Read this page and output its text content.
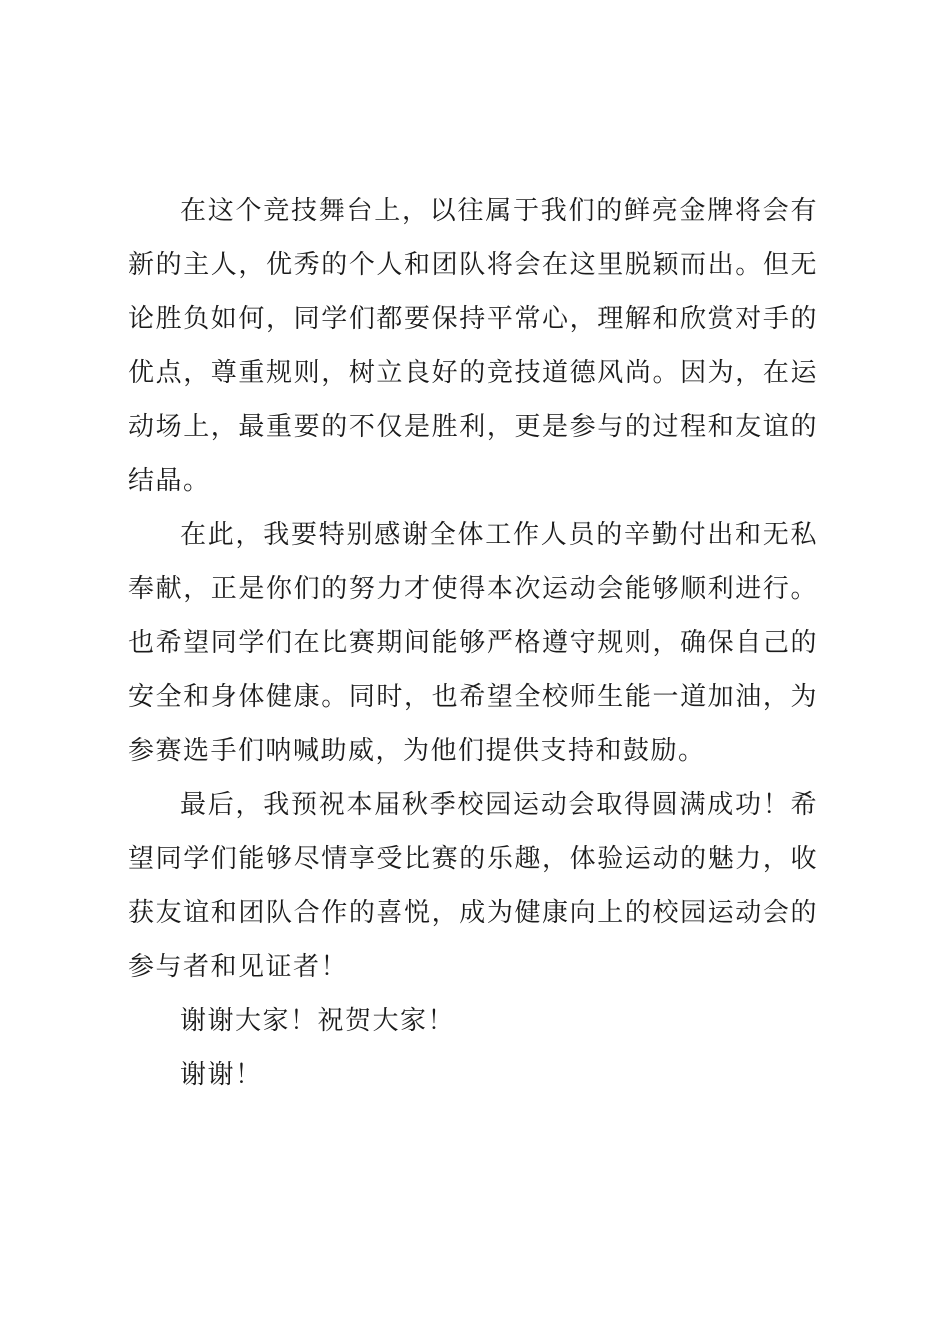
在这个竞技舞台上，以往属于我们的鲜亮金牌将会有新的主人，优秀的个人和团队将会在这里脱颖而出。但无论胜负如何，同学们都要保持平常心，理解和欣赏对手的优点，尊重规则，树立良好的竞技道德风尚。因为，在运动场上，最重要的不仅是胜利，更是参与的过程和友谊的结晶。

在此，我要特别感谢全体工作人员的辛勤付出和无私奉献，正是你们的努力才使得本次运动会能够顺利进行。也希望同学们在比赛期间能够严格遵守规则，确保自己的安全和身体健康。同时，也希望全校师生能一道加油，为参赛选手们呐喊助威，为他们提供支持和鼓励。

最后，我预祝本届秋季校园运动会取得圆满成功！希望同学们能够尽情享受比赛的乐趣，体验运动的魅力，收获友谊和团队合作的喜悦，成为健康向上的校园运动会的参与者和见证者！

谢谢大家！祝贺大家！

谢谢！
